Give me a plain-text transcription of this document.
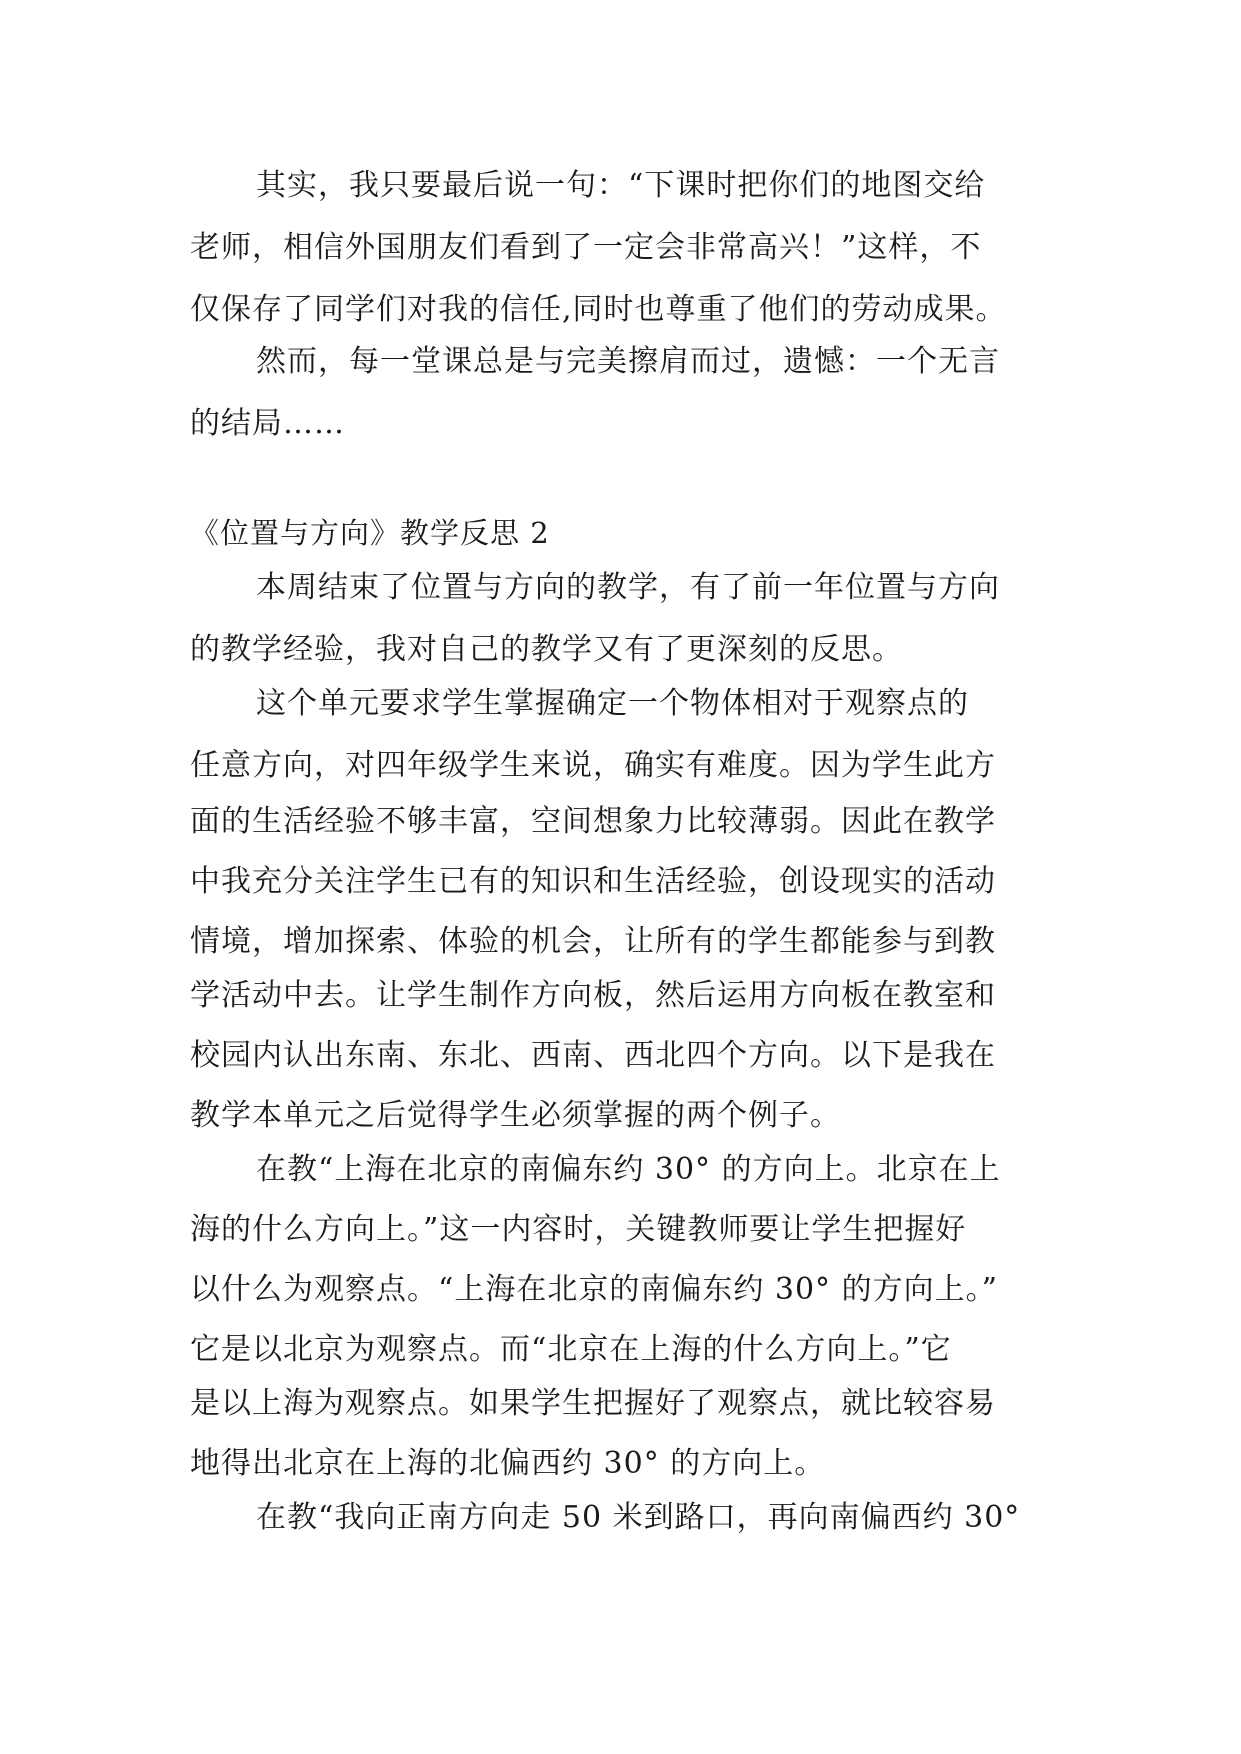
其实，我只要最后说一句：“下课时把你们的地图交给
老师，相信外国朋友们看到了一定会非常高兴！”这样，不
仅保存了同学们对我的信任,同时也尊重了他们的劳动成果。
然而，每一堂课总是与完美擦肩而过，遗憾：一个无言
的结局……
《位置与方向》教学反思 2
本周结束了位置与方向的教学，有了前一年位置与方向
的教学经验，我对自己的教学又有了更深刻的反思。
这个单元要求学生掌握确定一个物体相对于观察点的
任意方向，对四年级学生来说，确实有难度。因为学生此方
面的生活经验不够丰富，空间想象力比较薄弱。因此在教学
中我充分关注学生已有的知识和生活经验，创设现实的活动
情境，增加探索、体验的机会，让所有的学生都能参与到教
学活动中去。让学生制作方向板，然后运用方向板在教室和
校园内认出东南、东北、西南、西北四个方向。以下是我在
教学本单元之后觉得学生必须掌握的两个例子。
在教“上海在北京的南偏东约 30° 的方向上。北京在上
海的什么方向上。”这一内容时，关键教师要让学生把握好
以什么为观察点。“上海在北京的南偏东约 30° 的方向上。”
它是以北京为观察点。而“北京在上海的什么方向上。”它
是以上海为观察点。如果学生把握好了观察点，就比较容易
地得出北京在上海的北偏西约 30° 的方向上。
在教“我向正南方向走 50 米到路口，再向南偏西约 30°
